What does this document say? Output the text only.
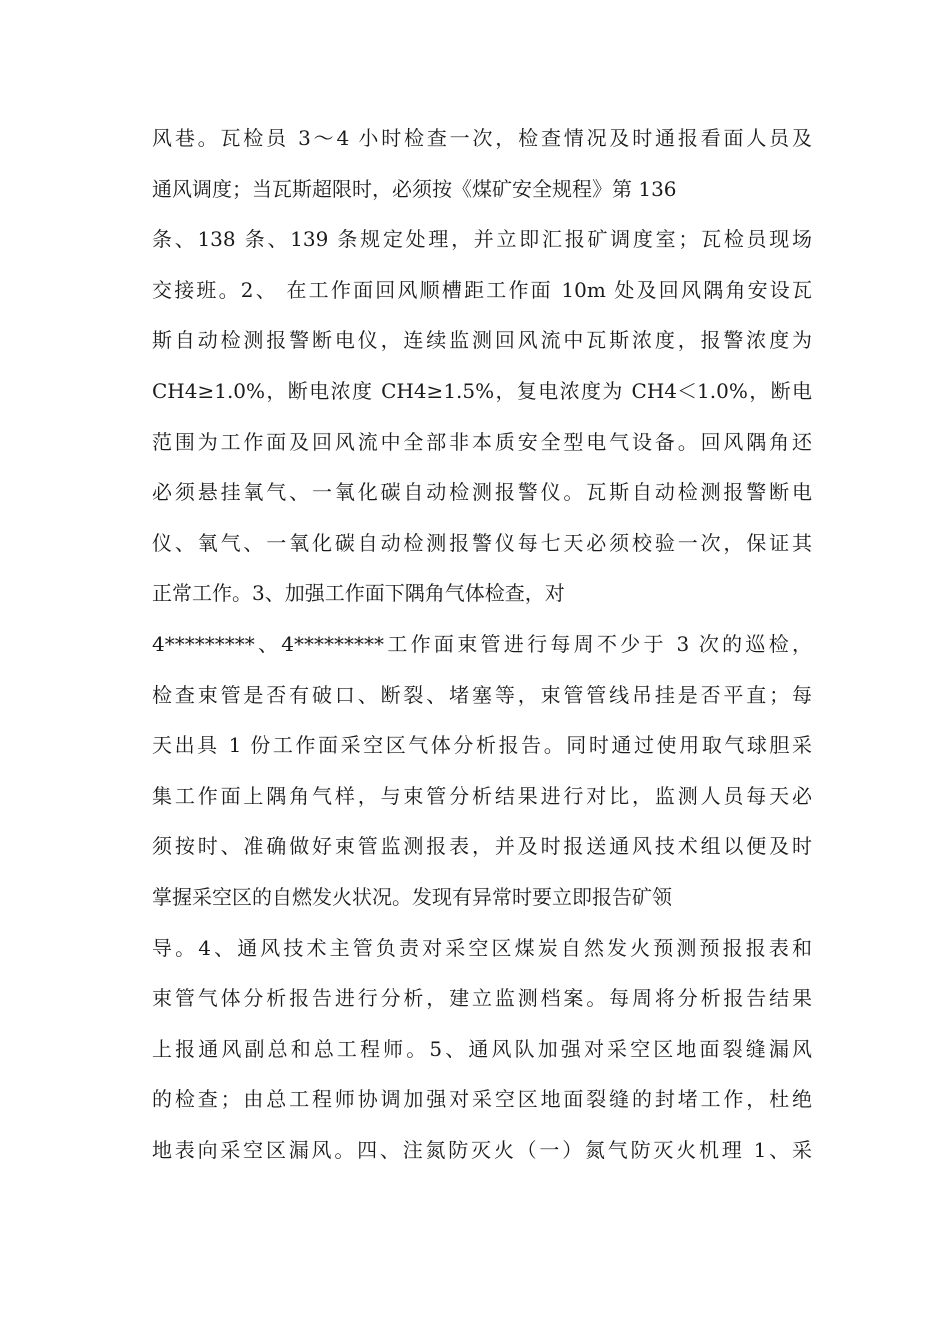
风巷。瓦检员 3～4 小时检查一次，检查情况及时通报看面人员及
通风调度；当瓦斯超限时，必须按《煤矿安全规程》第 136
条、138 条、139 条规定处理，并立即汇报矿调度室；瓦检员现场
交接班。2、 在工作面回风顺槽距工作面 10m 处及回风隅角安设瓦
斯自动检测报警断电仪，连续监测回风流中瓦斯浓度，报警浓度为
CH4≥1.0%，断电浓度 CH4≥1.5%，复电浓度为 CH4＜1.0%，断电
范围为工作面及回风流中全部非本质安全型电气设备。回风隅角还
必须悬挂氧气、一氧化碳自动检测报警仪。瓦斯自动检测报警断电
仪、氧气、一氧化碳自动检测报警仪每七天必须校验一次，保证其
正常工作。3、加强工作面下隅角气体检查，对
4*********、4*********工作面束管进行每周不少于 3 次的巡检，
检查束管是否有破口、断裂、堵塞等，束管管线吊挂是否平直；每
天出具 1 份工作面采空区气体分析报告。同时通过使用取气球胆采
集工作面上隅角气样，与束管分析结果进行对比，监测人员每天必
须按时、准确做好束管监测报表，并及时报送通风技术组以便及时
掌握采空区的自燃发火状况。发现有异常时要立即报告矿领
导。4、通风技术主管负责对采空区煤炭自然发火预测预报报表和
束管气体分析报告进行分析，建立监测档案。每周将分析报告结果
上报通风副总和总工程师。5、通风队加强对采空区地面裂缝漏风
的检查；由总工程师协调加强对采空区地面裂缝的封堵工作，杜绝
地表向采空区漏风。四、注氮防灭火（一）氮气防灭火机理 1、采
